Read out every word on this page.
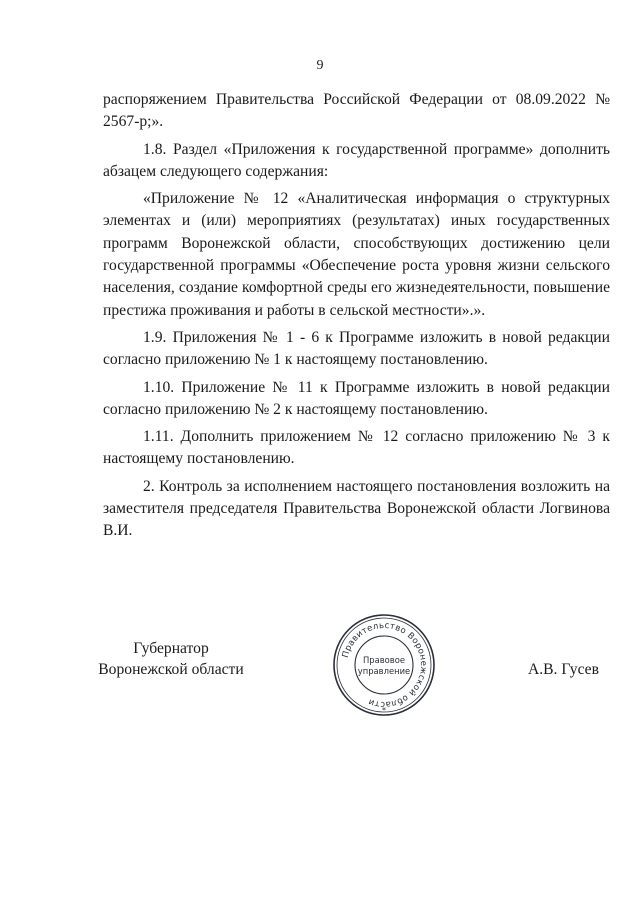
9

распоряжением Правительства Российской Федерации от 08.09.2022 № 2567-р;».

1.8. Раздел «Приложения к государственной программе» дополнить абзацем следующего содержания:

«Приложение № 12 «Аналитическая информация о структурных элементах и (или) мероприятиях (результатах) иных государственных программ Воронежской области, способствующих достижению цели государственной программы «Обеспечение роста уровня жизни сельского населения, создание комфортной среды его жизнедеятельности, повышение престижа проживания и работы в сельской местности».».

1.9. Приложения № 1 - 6 к Программе изложить в новой редакции согласно приложению № 1 к настоящему постановлению.

1.10. Приложение № 11 к Программе изложить в новой редакции согласно приложению № 2 к настоящему постановлению.

1.11. Дополнить приложением № 12 согласно приложению № 3 к настоящему постановлению.

2. Контроль за исполнением настоящего постановления возложить на заместителя председателя Правительства Воронежской области Логвинова В.И.

Губернатор
Воронежской области
Правительство Воронежской области
Правовое
управление
*
А.В. Гусев
